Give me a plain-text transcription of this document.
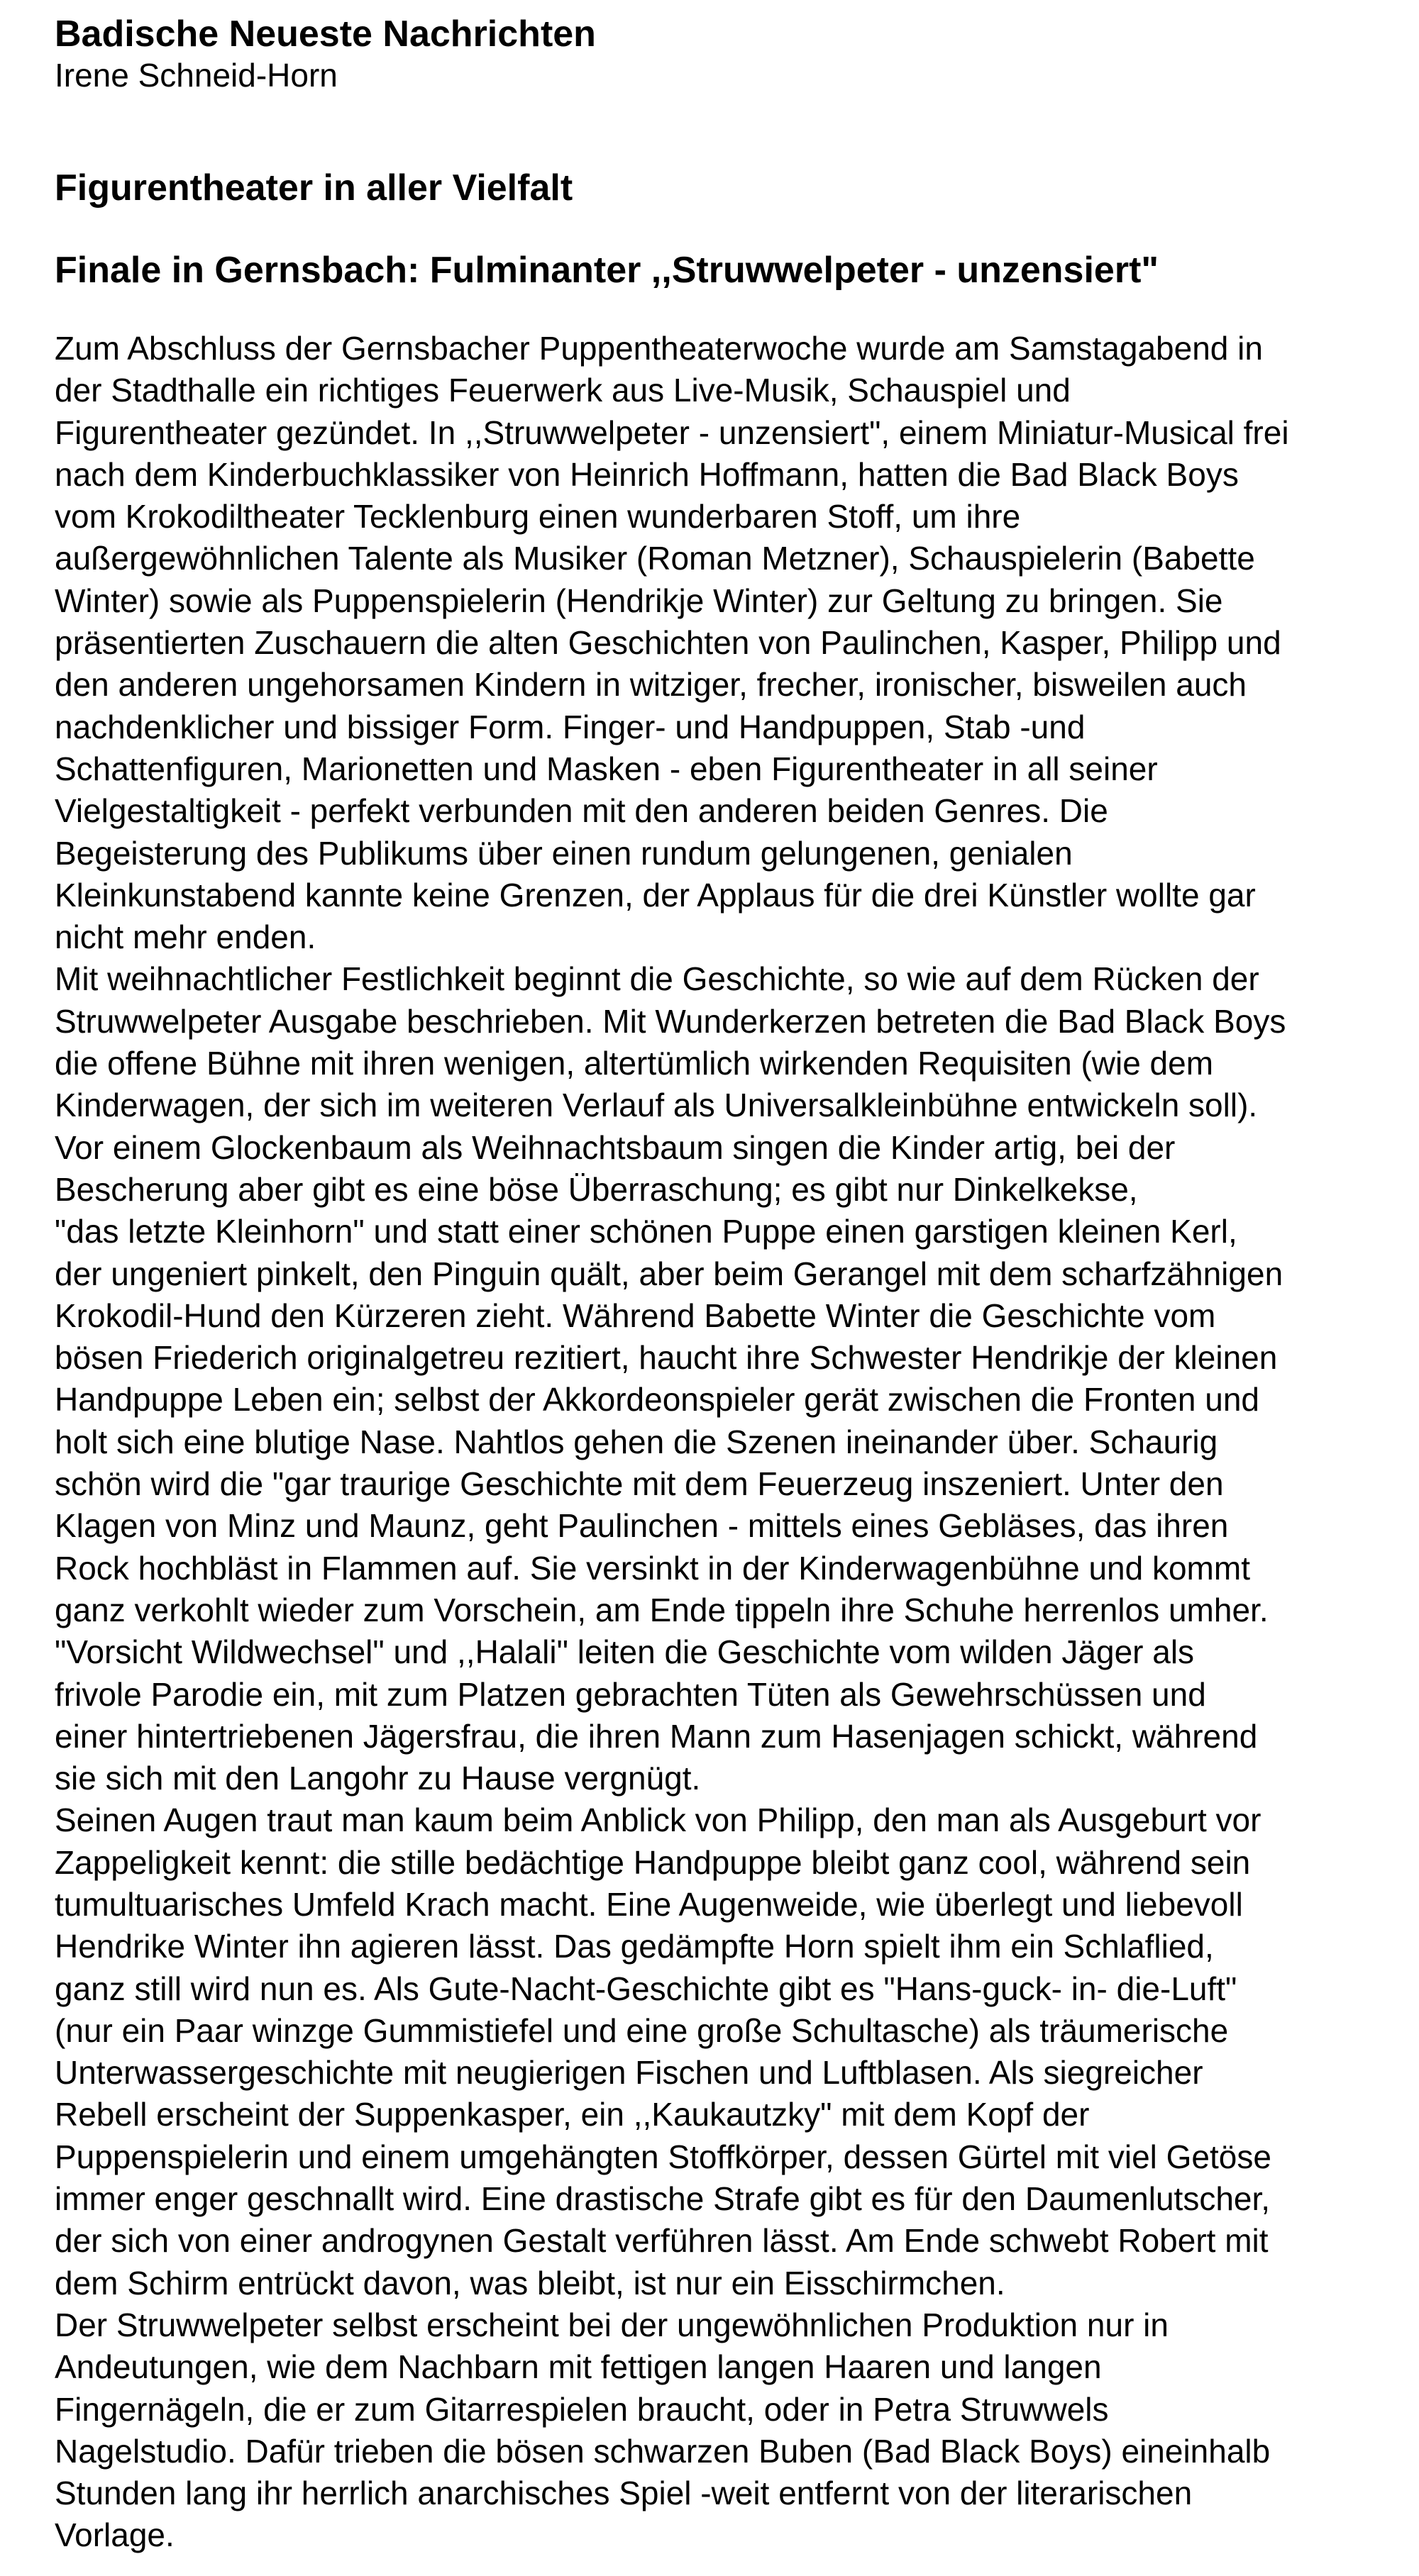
Badische Neueste Nachrichten
Irene Schneid-Horn
Figurentheater in aller Vielfalt
Finale in Gernsbach: Fulminanter ,,Struwwelpeter - unzensiert"

Zum Abschluss der Gernsbacher Puppentheaterwoche wurde am Samstagabend in
der Stadthalle ein richtiges Feuerwerk aus Live-Musik, Schauspiel und
Figurentheater gezündet. In ,,Struwwelpeter - unzensiert", einem Miniatur-Musical frei
nach dem Kinderbuchklassiker von Heinrich Hoffmann, hatten die Bad Black Boys
vom Krokodiltheater Tecklenburg einen wunderbaren Stoff, um ihre
außergewöhnlichen Talente als Musiker (Roman Metzner), Schauspielerin (Babette
Winter) sowie als Puppenspielerin (Hendrikje Winter) zur Geltung zu bringen. Sie
präsentierten Zuschauern die alten Geschichten von Paulinchen, Kasper, Philipp und
den anderen ungehorsamen Kindern in witziger, frecher, ironischer, bisweilen auch
nachdenklicher und bissiger Form. Finger- und Handpuppen, Stab -und
Schattenfiguren, Marionetten und Masken - eben Figurentheater in all seiner
Vielgestaltigkeit - perfekt verbunden mit den anderen beiden Genres. Die
Begeisterung des Publikums über einen rundum gelungenen, genialen
Kleinkunstabend kannte keine Grenzen, der Applaus für die drei Künstler wollte gar
nicht mehr enden.

Mit weihnachtlicher Festlichkeit beginnt die Geschichte, so wie auf dem Rücken der
Struwwelpeter Ausgabe beschrieben. Mit Wunderkerzen betreten die Bad Black Boys
die offene Bühne mit ihren wenigen, altertümlich wirkenden Requisiten (wie dem
Kinderwagen, der sich im weiteren Verlauf als Universalkleinbühne entwickeln soll).
Vor einem Glockenbaum als Weihnachtsbaum singen die Kinder artig, bei der
Bescherung aber gibt es eine böse Überraschung; es gibt nur Dinkelkekse,
"das letzte Kleinhorn" und statt einer schönen Puppe einen garstigen kleinen Kerl,
der ungeniert pinkelt, den Pinguin quält, aber beim Gerangel mit dem scharfzähnigen
Krokodil-Hund den Kürzeren zieht. Während Babette Winter die Geschichte vom
bösen Friederich originalgetreu rezitiert, haucht ihre Schwester Hendrikje der kleinen
Handpuppe Leben ein; selbst der Akkordeonspieler gerät zwischen die Fronten und
holt sich eine blutige Nase. Nahtlos gehen die Szenen ineinander über. Schaurig
schön wird die "gar traurige Geschichte mit dem Feuerzeug inszeniert. Unter den
Klagen von Minz und Maunz, geht Paulinchen - mittels eines Gebläses, das ihren
Rock hochbläst in Flammen auf. Sie versinkt in der Kinderwagenbühne und kommt
ganz verkohlt wieder zum Vorschein, am Ende tippeln ihre Schuhe herrenlos umher.
"Vorsicht Wildwechsel" und ,,Halali" leiten die Geschichte vom wilden Jäger als
frivole Parodie ein, mit zum Platzen gebrachten Tüten als Gewehrschüssen und
einer hintertriebenen Jägersfrau, die ihren Mann zum Hasenjagen schickt, während
sie sich mit den Langohr zu Hause vergnügt.

Seinen Augen traut man kaum beim Anblick von Philipp, den man als Ausgeburt vor
Zappeligkeit kennt: die stille bedächtige Handpuppe bleibt ganz cool, während sein
tumultuarisches Umfeld Krach macht. Eine Augenweide, wie überlegt und liebevoll
Hendrike Winter ihn agieren lässt. Das gedämpfte Horn spielt ihm ein Schlaflied,
ganz still wird nun es. Als Gute-Nacht-Geschichte gibt es "Hans-guck- in- die-Luft"
(nur ein Paar winzge Gummistiefel und eine große Schultasche) als träumerische
Unterwassergeschichte mit neugierigen Fischen und Luftblasen. Als siegreicher
Rebell erscheint der Suppenkasper, ein ,,Kaukautzky" mit dem Kopf der
Puppenspielerin und einem umgehängten Stoffkörper, dessen Gürtel mit viel Getöse
immer enger geschnallt wird. Eine drastische Strafe gibt es für den Daumenlutscher,
der sich von einer androgynen Gestalt verführen lässt. Am Ende schwebt Robert mit
dem Schirm entrückt davon, was bleibt, ist nur ein Eisschirmchen.

Der Struwwelpeter selbst erscheint bei der ungewöhnlichen Produktion nur in
Andeutungen, wie dem Nachbarn mit fettigen langen Haaren und langen
Fingernägeln, die er zum Gitarrespielen braucht, oder in Petra Struwwels
Nagelstudio. Dafür trieben die bösen schwarzen Buben (Bad Black Boys) eineinhalb
Stunden lang ihr herrlich anarchisches Spiel -weit entfernt von der literarischen
Vorlage.
